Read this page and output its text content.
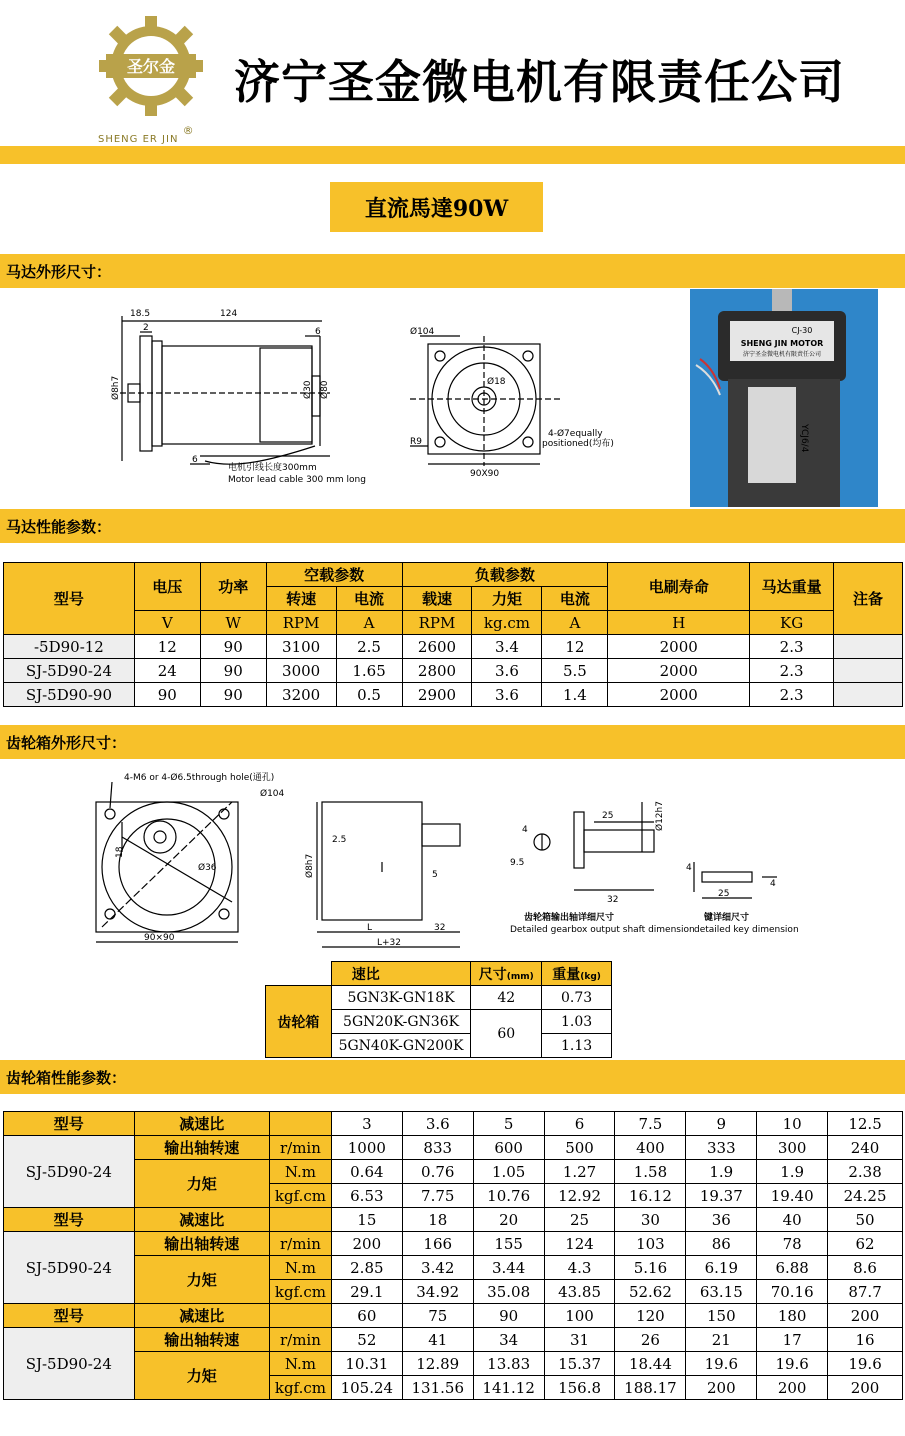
圣尔金
SHENG ER JIN ®
济宁圣金微电机有限责任公司
直流馬達90W
马达外形尺寸：
18.5	124
2	6
Ø8h7	Ø30 Ø80
6
电机引线长度300mm
Motor lead cable 300 mm long
Ø104
Ø18
R9
90X90
4-Ø7equally
positioned(均布)
CJ-30
SHENG JIN MOTOR
济宁圣金微电机有限责任公司
YCJ6/4
马达性能参数：
型号	电压	功率	空载参数		负载参数			电刷寿命	马达重量	注备
			转速	电流	载速	力矩	电流			
	V	W	RPM	A	RPM	kg.cm	A	H	KG	
-5D90-12	12	90	3100	2.5	2600	3.4	12	2000	2.3	
SJ-5D90-24	24	90	3000	1.65	2800	3.6	5.5	2000	2.3	
SJ-5D90-90	90	90	3200	0.5	2900	3.6	1.4	2000	2.3	
齿轮箱外形尺寸：
4-M6 or 4-Ø6.5through hole(通孔)
Ø104
18
Ø36
90×90
2.5
Ø8h7	5
L	32
L+32
25	Ø12h7
4
9.5
32
齿轮箱输出轴详细尺寸
Detailed gearbox output shaft dimension
4
25
4
键详细尺寸
detailed key dimension
	速比	尺寸(mm)	重量(kg)
齿轮箱	5GN3K-GN18K	42	0.73
	5GN20K-GN36K	60	1.03
	5GN40K-GN200K		1.13
齿轮箱性能参数：
型号	减速比		3	3.6	5	6	7.5	9	10	12.5
SJ-5D90-24	输出轴转速	r/min	1000	833	600	500	400	333	300	240
	力矩	N.m	0.64	0.76	1.05	1.27	1.58	1.9	1.9	2.38
		kgf.cm	6.53	7.75	10.76	12.92	16.12	19.37	19.40	24.25
型号	减速比		15	18	20	25	30	36	40	50
SJ-5D90-24	输出轴转速	r/min	200	166	155	124	103	86	78	62
	力矩	N.m	2.85	3.42	3.44	4.3	5.16	6.19	6.88	8.6
		kgf.cm	29.1	34.92	35.08	43.85	52.62	63.15	70.16	87.7
型号	减速比		60	75	90	100	120	150	180	200
SJ-5D90-24	输出轴转速	r/min	52	41	34	31	26	21	17	16
	力矩	N.m	10.31	12.89	13.83	15.37	18.44	19.6	19.6	19.6
		kgf.cm	105.24	131.56	141.12	156.8	188.17	200	200	200
